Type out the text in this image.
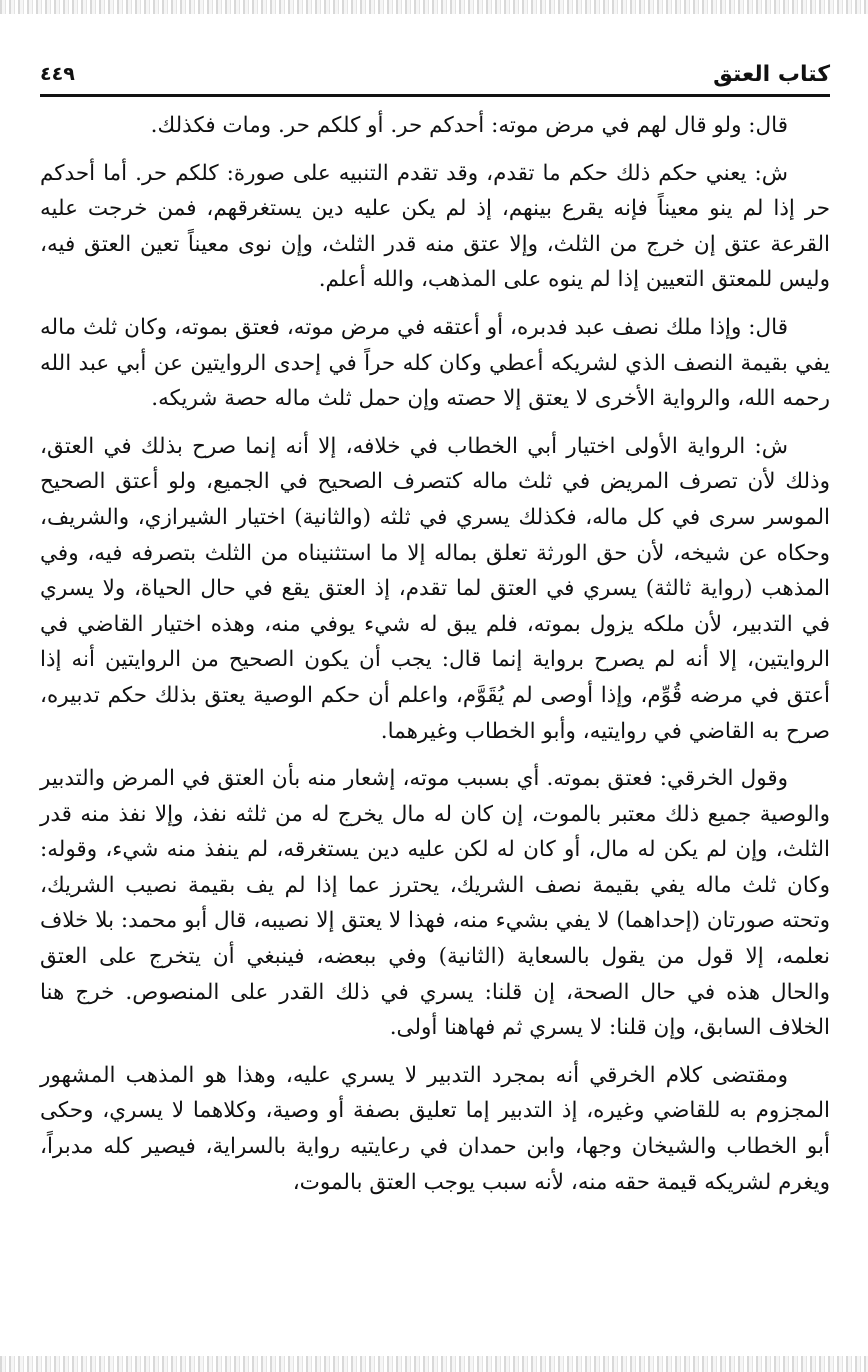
كتاب العتق
٤٤٩

قال: ولو قال لهم في مرض موته: أحدكم حر. أو كلكم حر. ومات فكذلك.

ش: يعني حكم ذلك حكم ما تقدم، وقد تقدم التنبيه على صورة: كلكم حر. أما أحدكم حر إذا لم ينو معيناً فإنه يقرع بينهم، إذ لم يكن عليه دين يستغرقهم، فمن خرجت عليه القرعة عتق إن خرج من الثلث، وإلا عتق منه قدر الثلث، وإن نوى معيناً تعين العتق فيه، وليس للمعتق التعيين إذا لم ينوه على المذهب، والله أعلم.

قال: وإذا ملك نصف عبد فدبره، أو أعتقه في مرض موته، فعتق بموته، وكان ثلث ماله يفي بقيمة النصف الذي لشريكه أعطي وكان كله حراً في إحدى الروايتين عن أبي عبد الله رحمه الله، والرواية الأخرى لا يعتق إلا حصته وإن حمل ثلث ماله حصة شريكه.

ش: الرواية الأولى اختيار أبي الخطاب في خلافه، إلا أنه إنما صرح بذلك في العتق، وذلك لأن تصرف المريض في ثلث ماله كتصرف الصحيح في الجميع، ولو أعتق الصحيح الموسر سرى في كل ماله، فكذلك يسري في ثلثه (والثانية) اختيار الشيرازي، والشريف، وحكاه عن شيخه، لأن حق الورثة تعلق بماله إلا ما استثنيناه من الثلث بتصرفه فيه، وفي المذهب (رواية ثالثة) يسري في العتق لما تقدم، إذ العتق يقع في حال الحياة، ولا يسري في التدبير، لأن ملكه يزول بموته، فلم يبق له شيء يوفي منه، وهذه اختيار القاضي في الروايتين، إلا أنه لم يصرح برواية إنما قال: يجب أن يكون الصحيح من الروايتين أنه إذا أعتق في مرضه قُوِّم، وإذا أوصى لم يُقَوَّم، واعلم أن حكم الوصية يعتق بذلك حكم تدبيره، صرح به القاضي في روايتيه، وأبو الخطاب وغيرهما.

وقول الخرقي: فعتق بموته. أي بسبب موته، إشعار منه بأن العتق في المرض والتدبير والوصية جميع ذلك معتبر بالموت، إن كان له مال يخرج له من ثلثه نفذ، وإلا نفذ منه قدر الثلث، وإن لم يكن له مال، أو كان له لكن عليه دين يستغرقه، لم ينفذ منه شيء، وقوله: وكان ثلث ماله يفي بقيمة نصف الشريك، يحترز عما إذا لم يف بقيمة نصيب الشريك، وتحته صورتان (إحداهما) لا يفي بشيء منه، فهذا لا يعتق إلا نصيبه، قال أبو محمد: بلا خلاف نعلمه، إلا قول من يقول بالسعاية (الثانية) وفي ببعضه، فينبغي أن يتخرج على العتق والحال هذه في حال الصحة، إن قلنا: يسري في ذلك القدر على المنصوص. خرج هنا الخلاف السابق، وإن قلنا: لا يسري ثم فهاهنا أولى.

ومقتضى كلام الخرقي أنه بمجرد التدبير لا يسري عليه، وهذا هو المذهب المشهور المجزوم به للقاضي وغيره، إذ التدبير إما تعليق بصفة أو وصية، وكلاهما لا يسري، وحكى أبو الخطاب والشيخان وجها، وابن حمدان في رعايتيه رواية بالسراية، فيصير كله مدبراً، ويغرم لشريكه قيمة حقه منه، لأنه سبب يوجب العتق بالموت،
